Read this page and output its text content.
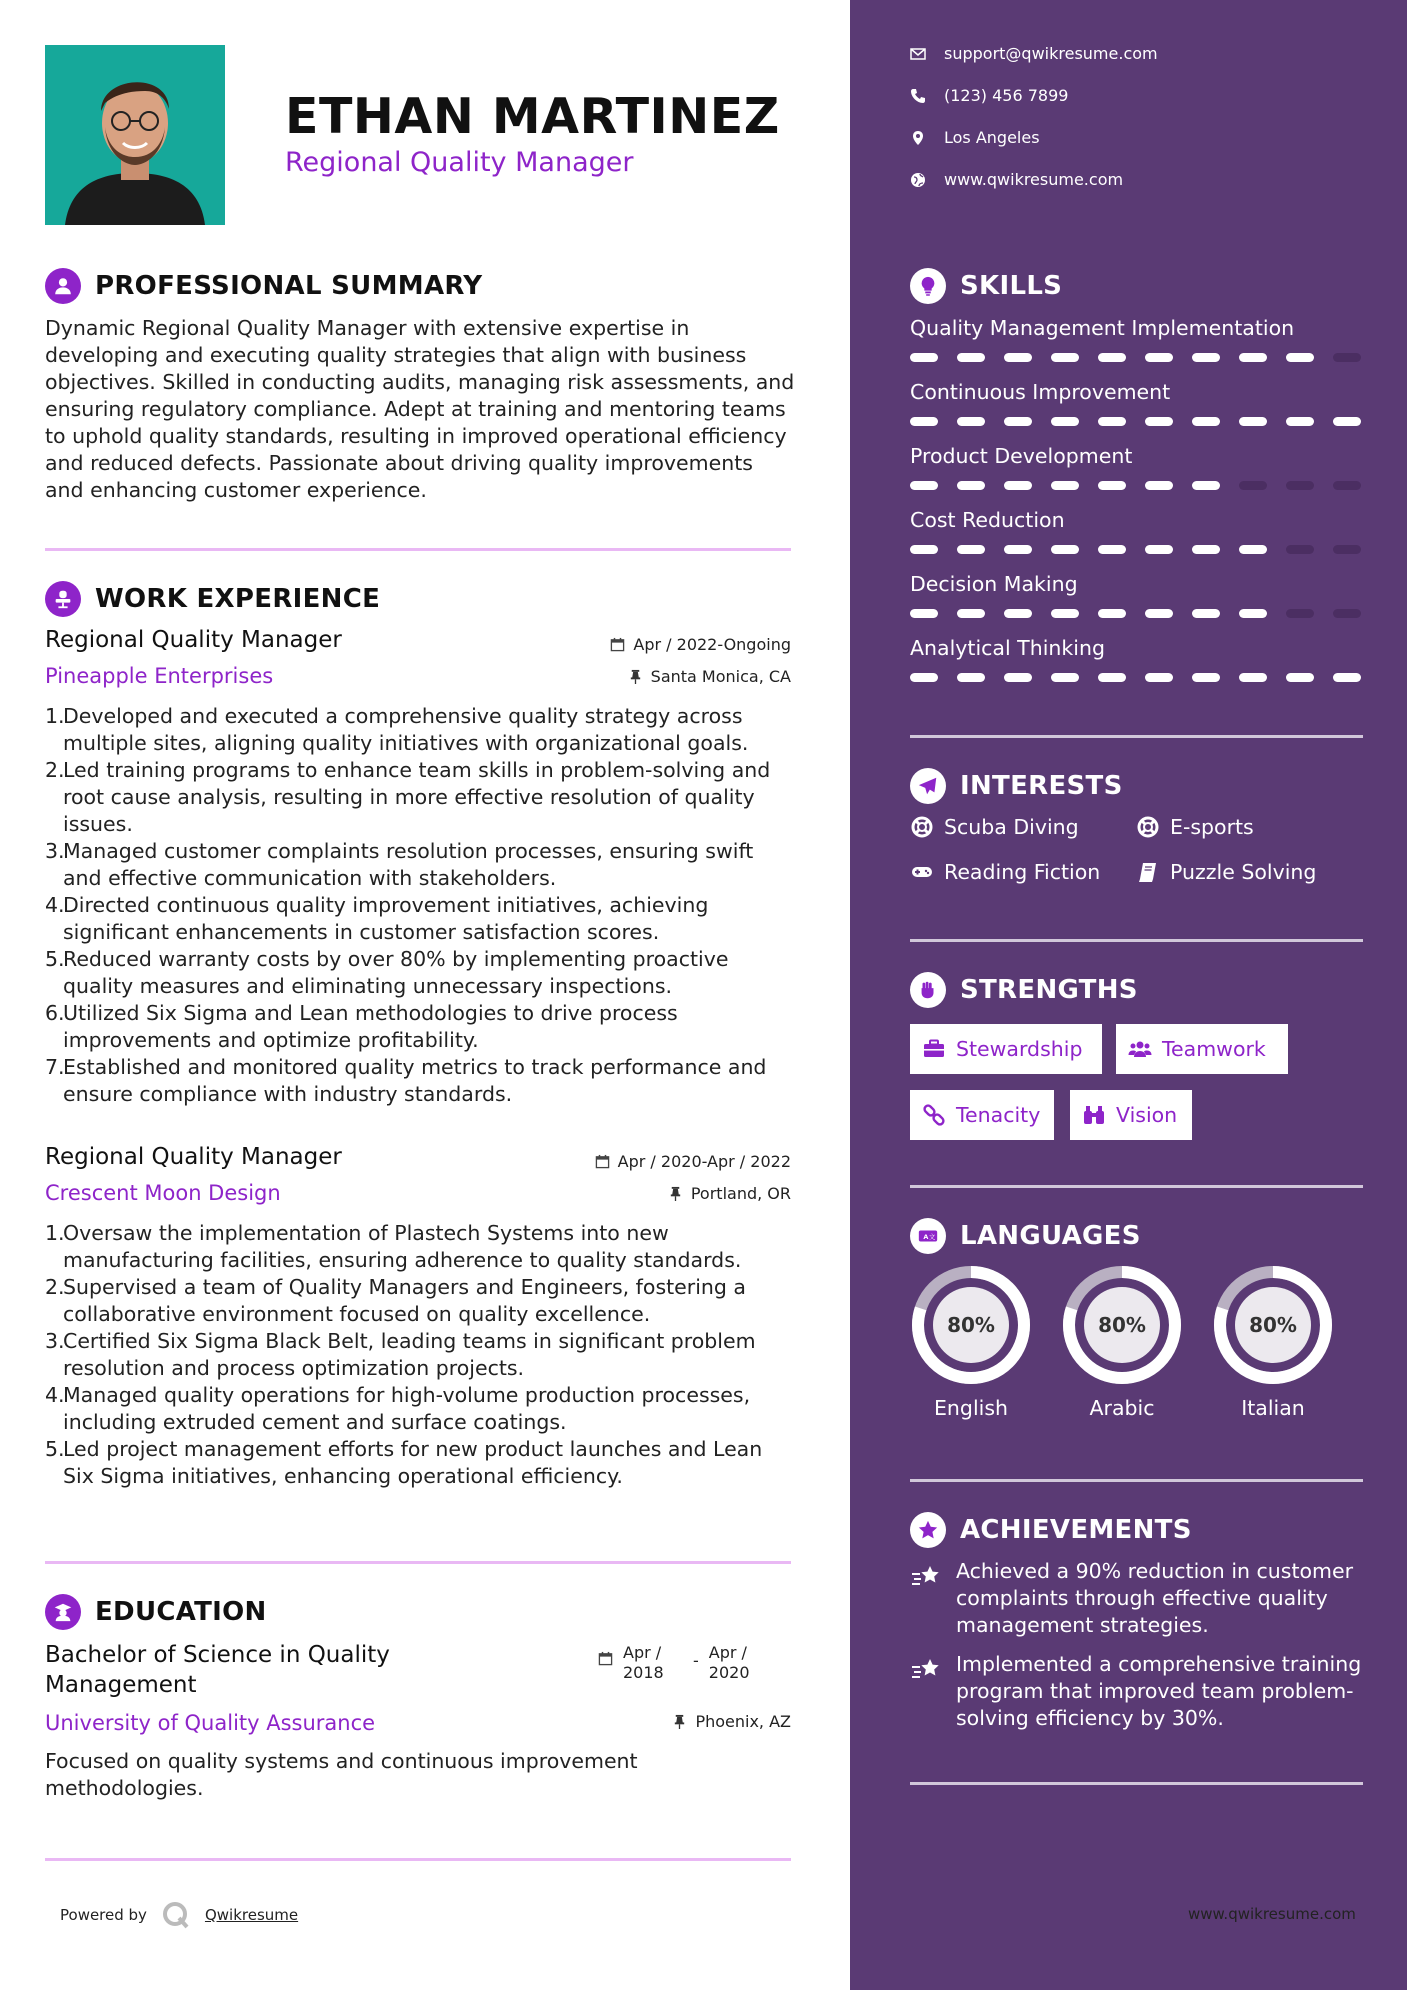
ETHAN MARTINEZ
Regional Quality Manager
PROFESSIONAL SUMMARY
Dynamic Regional Quality Manager with extensive expertise in developing and executing quality strategies that align with business objectives. Skilled in conducting audits, managing risk assessments, and ensuring regulatory compliance. Adept at training and mentoring teams to uphold quality standards, resulting in improved operational efficiency and reduced defects. Passionate about driving quality improvements and enhancing customer experience.
WORK EXPERIENCE
Regional Quality Manager
Pineapple Enterprises
Apr / 2022-Ongoing
Santa Monica, CA
1.
Developed and executed a comprehensive quality strategy across multiple sites, aligning quality initiatives with organizational goals.
2.
Led training programs to enhance team skills in problem-solving and root cause analysis, resulting in more effective resolution of quality issues.
3.
Managed customer complaints resolution processes, ensuring swift and effective communication with stakeholders.
4.
Directed continuous quality improvement initiatives, achieving significant enhancements in customer satisfaction scores.
5.
Reduced warranty costs by over 80% by implementing proactive quality measures and eliminating unnecessary inspections.
6.
Utilized Six Sigma and Lean methodologies to drive process improvements and optimize profitability.
7.
Established and monitored quality metrics to track performance and ensure compliance with industry standards.
Regional Quality Manager
Crescent Moon Design
Apr / 2020-Apr / 2022
Portland, OR
1.
Oversaw the implementation of Plastech Systems into new manufacturing facilities, ensuring adherence to quality standards.
2.
Supervised a team of Quality Managers and Engineers, fostering a collaborative environment focused on quality excellence.
3.
Certified Six Sigma Black Belt, leading teams in significant problem resolution and process optimization projects.
4.
Managed quality operations for high-volume production processes, including extruded cement and surface coatings.
5.
Led project management efforts for new product launches and Lean Six Sigma initiatives, enhancing operational efficiency.
EDUCATION
Bachelor of Science in Quality Management
University of Quality Assurance
Apr / 2018
- Apr / 2020
Phoenix, AZ
Focused on quality systems and continuous improvement methodologies.
Powered by	Qwikresume
support@qwikresume.com
(123) 456 7899
Los Angeles
www.qwikresume.com
SKILLS
Quality Management Implementation
Continuous Improvement
Product Development
Cost Reduction
Decision Making
Analytical Thinking
INTERESTS
Scuba Diving	E-sports
Reading Fiction	Puzzle Solving
STRENGTHS
Stewardship	Teamwork
Tenacity	Vision
A 文 LANGUAGES
80%
English
80%
Arabic
80%
Italian
ACHIEVEMENTS
Achieved a 90% reduction in customer complaints through effective quality management strategies.
Implemented a comprehensive training program that improved team problem-solving efficiency by 30%.
www.qwikresume.com
